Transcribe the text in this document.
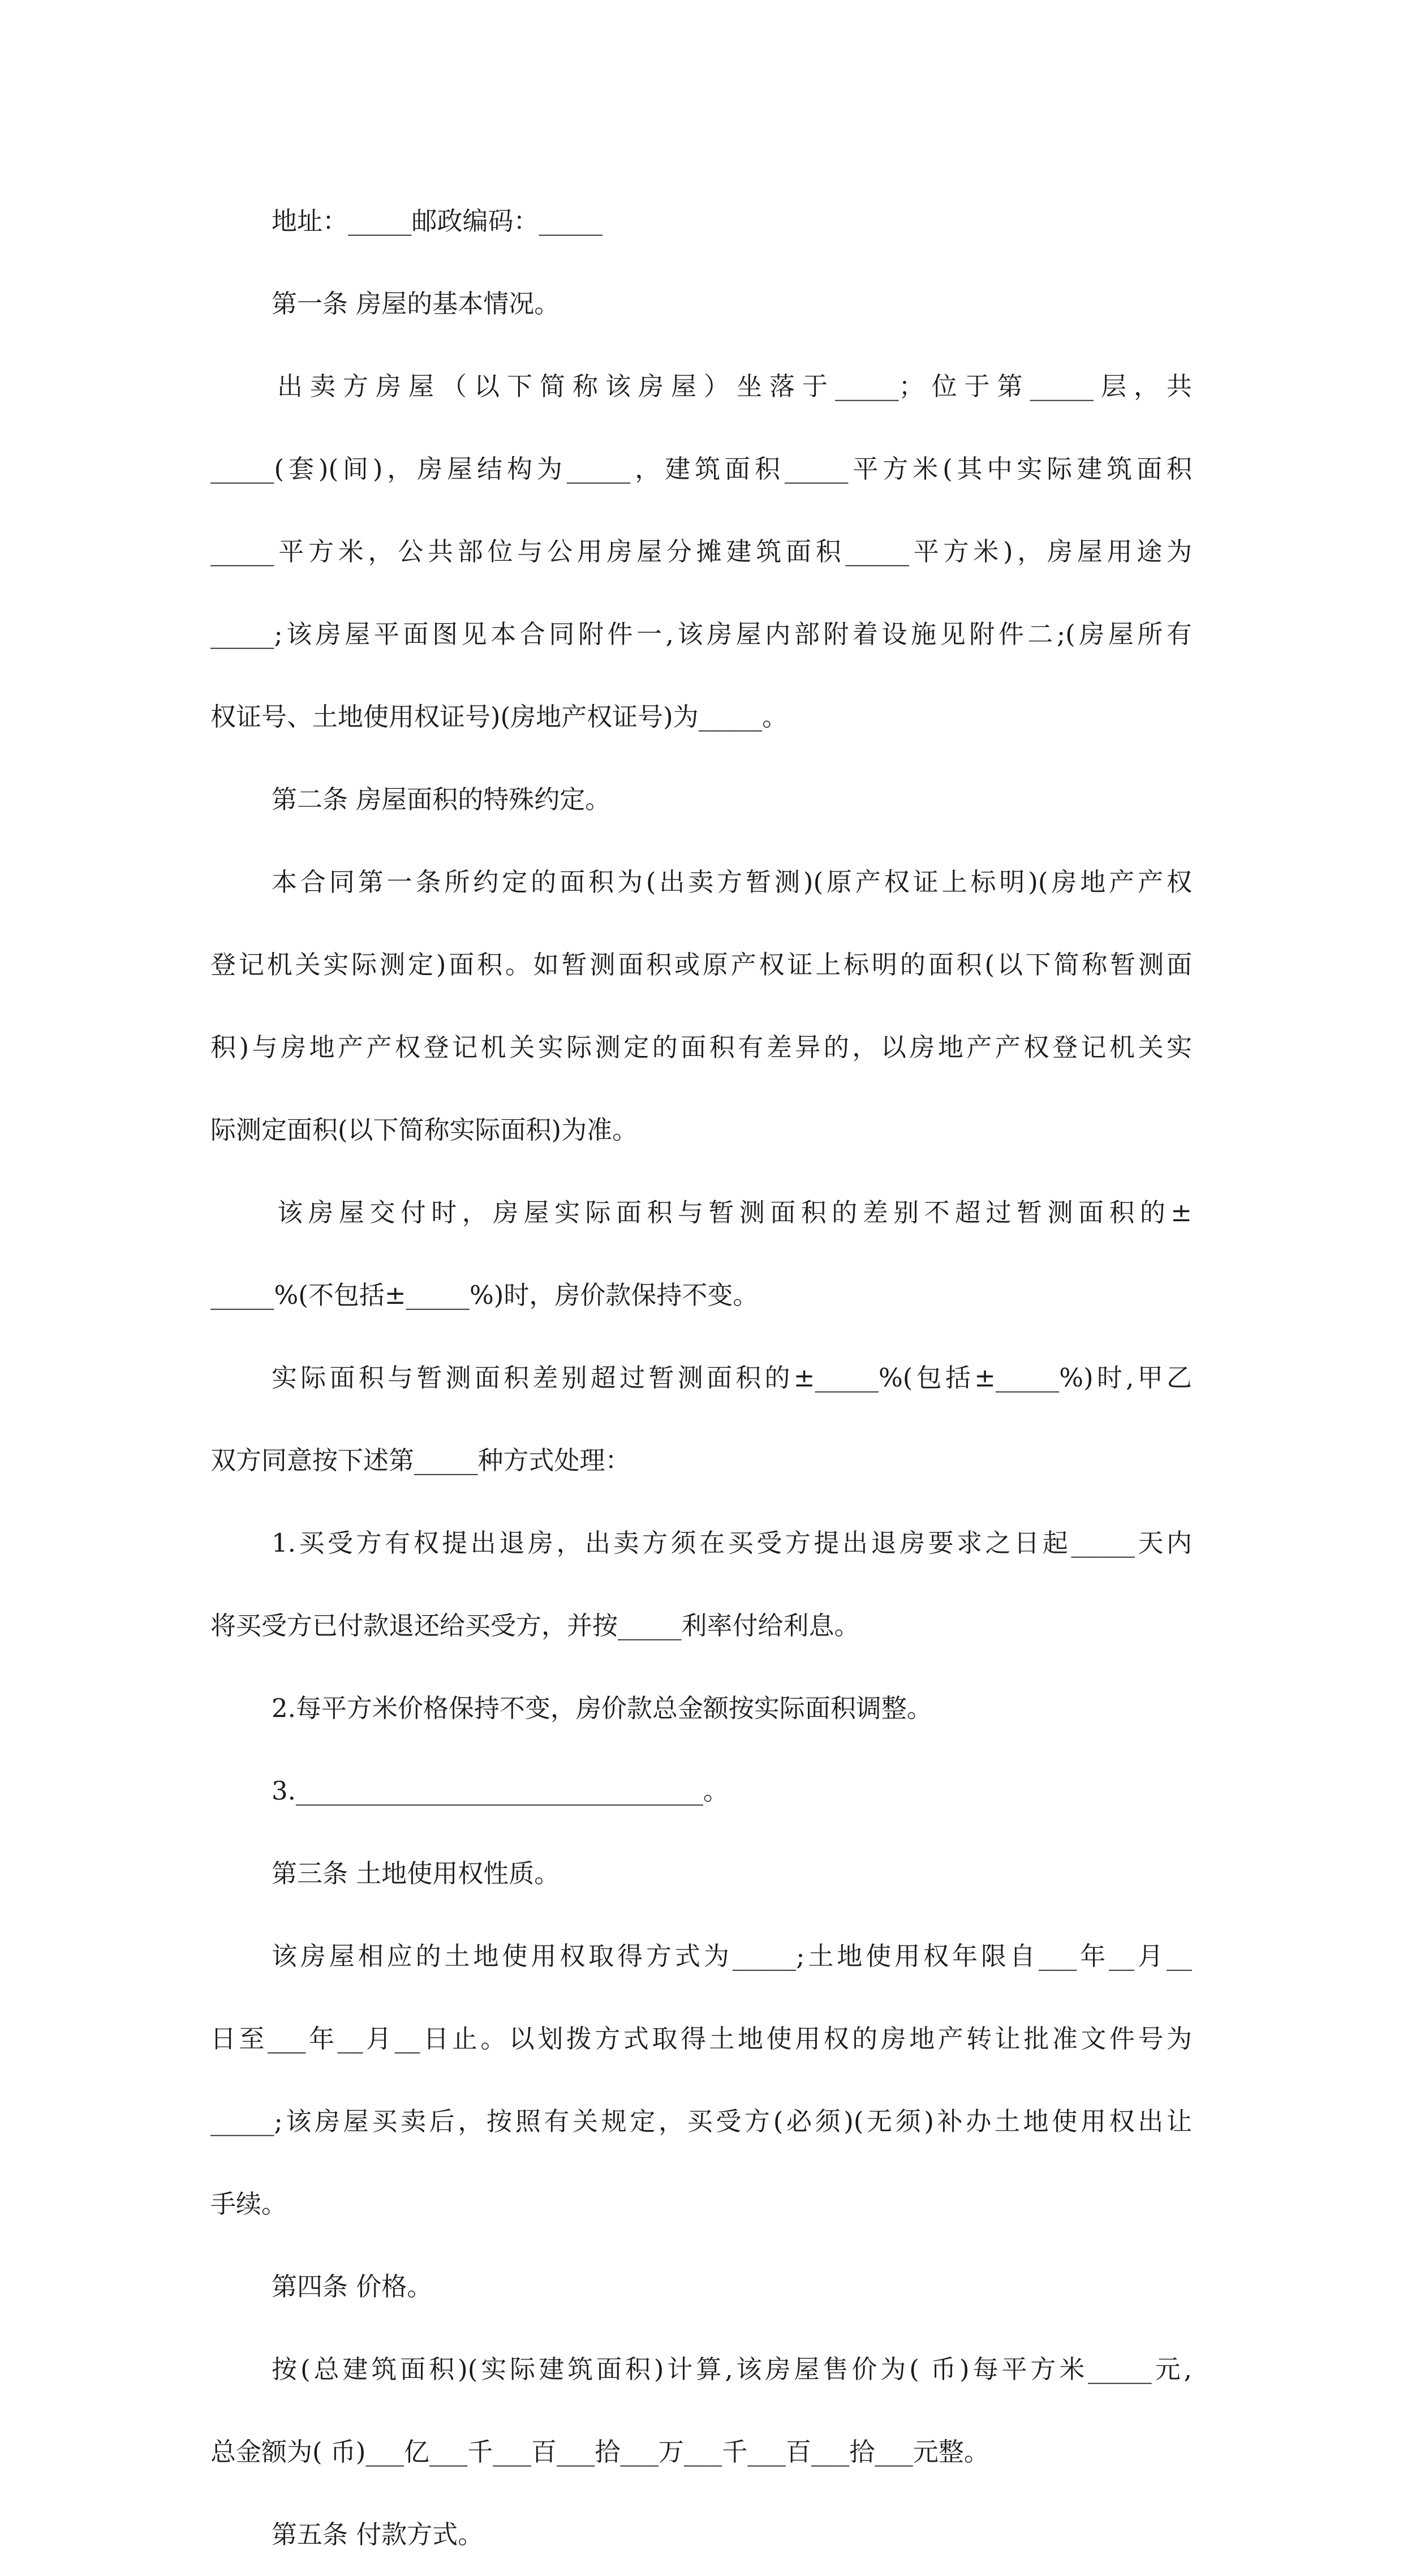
地址：_____邮政编码：_____
第一条 房屋的基本情况。
出卖方房屋（以下简称该房屋）坐落于_____；位于第_____层，共
_____(套)(间)，房屋结构为_____，建筑面积_____平方米(其中实际建筑面积
_____平方米，公共部位与公用房屋分摊建筑面积_____平方米)，房屋用途为
_____;该房屋平面图见本合同附件一,该房屋内部附着设施见附件二;(房屋所有
权证号、土地使用权证号)(房地产权证号)为_____。
第二条 房屋面积的特殊约定。
本合同第一条所约定的面积为(出卖方暂测)(原产权证上标明)(房地产产权
登记机关实际测定)面积。如暂测面积或原产权证上标明的面积(以下简称暂测面
积)与房地产产权登记机关实际测定的面积有差异的，以房地产产权登记机关实
际测定面积(以下简称实际面积)为准。
该房屋交付时，房屋实际面积与暂测面积的差别不超过暂测面积的±
_____%(不包括±_____%)时，房价款保持不变。
实际面积与暂测面积差别超过暂测面积的±_____%(包括±_____%)时,甲乙
双方同意按下述第_____种方式处理：
1.买受方有权提出退房，出卖方须在买受方提出退房要求之日起_____天内
将买受方已付款退还给买受方，并按_____利率付给利息。
2.每平方米价格保持不变，房价款总金额按实际面积调整。
3.________________________________。
第三条 土地使用权性质。
该房屋相应的土地使用权取得方式为_____;土地使用权年限自___年__月__
日至___年__月__日止。以划拨方式取得土地使用权的房地产转让批准文件号为
_____;该房屋买卖后，按照有关规定，买受方(必须)(无须)补办土地使用权出让
手续。
第四条 价格。
按(总建筑面积)(实际建筑面积)计算,该房屋售价为( 币)每平方米_____元,
总金额为( 币)___亿___千___百___拾___万___千___百___拾___元整。
第五条 付款方式。
